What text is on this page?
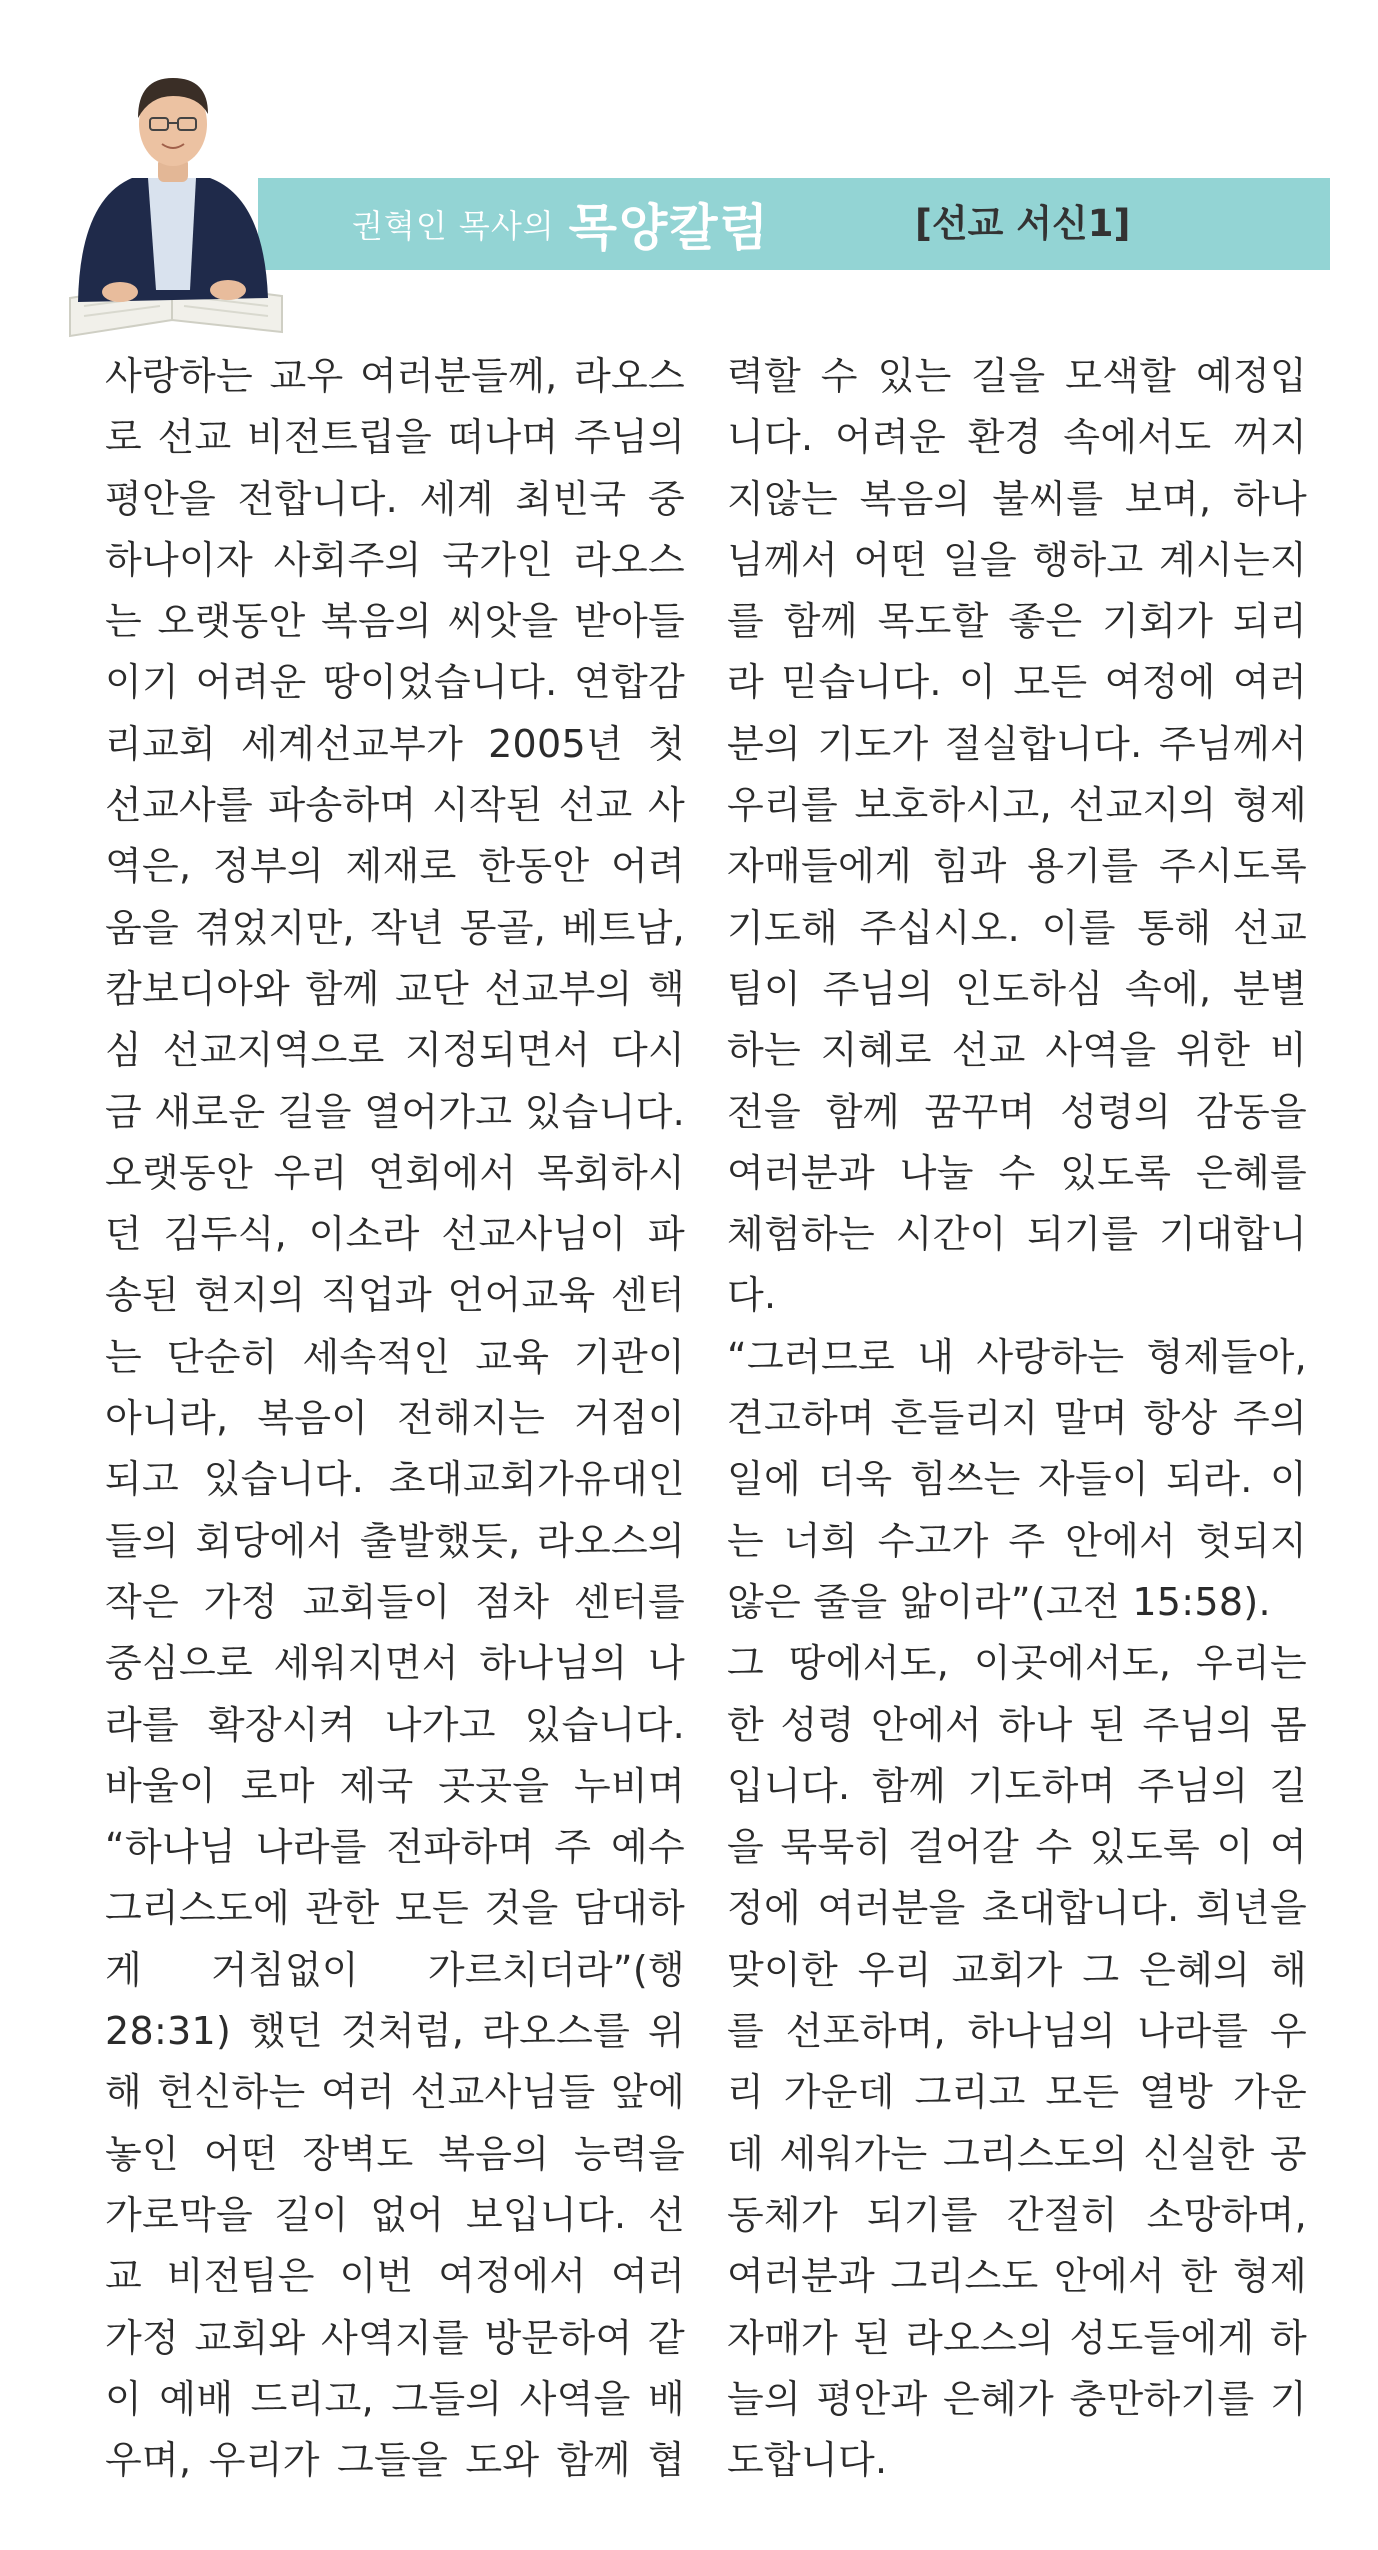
권혁인 목사의 목양칼럼	[선교 서신1]
사랑하는 교우 여러분들께, 라오스
로 선교 비전트립을 떠나며 주님의
평안을 전합니다. 세계 최빈국 중
하나이자 사회주의 국가인 라오스
는 오랫동안 복음의 씨앗을 받아들
이기 어려운 땅이었습니다. 연합감
리교회 세계선교부가 2005년 첫
선교사를 파송하며 시작된 선교 사
역은, 정부의 제재로 한동안 어려
움을 겪었지만, 작년 몽골, 베트남,
캄보디아와 함께 교단 선교부의 핵
심 선교지역으로 지정되면서 다시
금 새로운 길을 열어가고 있습니다.
오랫동안 우리 연회에서 목회하시
던 김두식, 이소라 선교사님이 파
송된 현지의 직업과 언어교육 센터
는 단순히 세속적인 교육 기관이
아니라, 복음이 전해지는 거점이
되고 있습니다. 초대교회가유대인
들의 회당에서 출발했듯, 라오스의
작은 가정 교회들이 점차 센터를
중심으로 세워지면서 하나님의 나
라를 확장시켜 나가고 있습니다.
바울이 로마 제국 곳곳을 누비며
“하나님 나라를 전파하며 주 예수
그리스도에 관한 모든 것을 담대하
게 거침없이 가르치더라”(행
28:31) 했던 것처럼, 라오스를 위
해 헌신하는 여러 선교사님들 앞에
놓인 어떤 장벽도 복음의 능력을
가로막을 길이 없어 보입니다. 선
교 비전팀은 이번 여정에서 여러
가정 교회와 사역지를 방문하여 같
이 예배 드리고, 그들의 사역을 배
우며, 우리가 그들을 도와 함께 협
력할 수 있는 길을 모색할 예정입
니다. 어려운 환경 속에서도 꺼지
지않는 복음의 불씨를 보며, 하나
님께서 어떤 일을 행하고 계시는지
를 함께 목도할 좋은 기회가 되리
라 믿습니다. 이 모든 여정에 여러
분의 기도가 절실합니다. 주님께서
우리를 보호하시고, 선교지의 형제
자매들에게 힘과 용기를 주시도록
기도해 주십시오. 이를 통해 선교
팀이 주님의 인도하심 속에, 분별
하는 지혜로 선교 사역을 위한 비
전을 함께 꿈꾸며 성령의 감동을
여러분과 나눌 수 있도록 은혜를
체험하는 시간이 되기를 기대합니
다.
“그러므로 내 사랑하는 형제들아,
견고하며 흔들리지 말며 항상 주의
일에 더욱 힘쓰는 자들이 되라. 이
는 너희 수고가 주 안에서 헛되지
않은 줄을 앎이라”(고전 15:58).
그 땅에서도, 이곳에서도, 우리는
한 성령 안에서 하나 된 주님의 몸
입니다. 함께 기도하며 주님의 길
을 묵묵히 걸어갈 수 있도록 이 여
정에 여러분을 초대합니다. 희년을
맞이한 우리 교회가 그 은혜의 해
를 선포하며, 하나님의 나라를 우
리 가운데 그리고 모든 열방 가운
데 세워가는 그리스도의 신실한 공
동체가 되기를 간절히 소망하며,
여러분과 그리스도 안에서 한 형제
자매가 된 라오스의 성도들에게 하
늘의 평안과 은혜가 충만하기를 기
도합니다.
